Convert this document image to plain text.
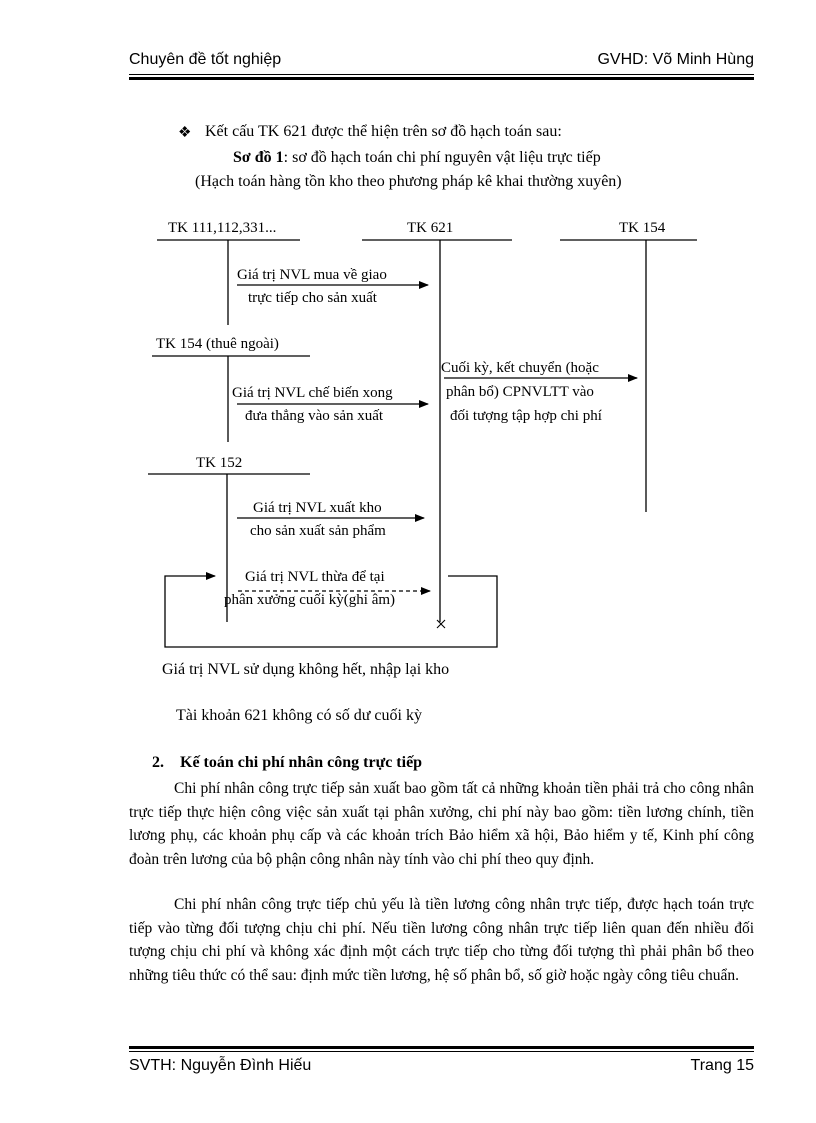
Chuyên đề tốt nghiệp	GVHD: Võ Minh Hùng
❖ Kết cấu TK 621 được thể hiện trên sơ đồ hạch toán sau:
Sơ đồ 1: sơ đồ hạch toán chi phí nguyên vật liệu trực tiếp
(Hạch toán hàng tồn kho theo phương pháp kê khai thường xuyên)
TK 111,112,331...	TK 621	TK 154
TK 154 (thuê ngoài)
TK 152
Giá trị NVL mua về giao
trực tiếp cho sản xuất
Giá trị NVL chế biến xong
đưa thẳng vào sản xuất
Cuối kỳ, kết chuyển (hoặc
phân bổ) CPNVLTT vào
đối tượng tập hợp chi phí
Giá trị NVL xuất kho
cho sản xuất sản phẩm
Giá trị NVL thừa để tại
phân xưởng cuối kỳ(ghi âm)
Giá trị NVL sử dụng không hết, nhập lại kho
Tài khoản 621 không có số dư cuối kỳ
2. Kế toán chi phí nhân công trực tiếp
Chi phí nhân công trực tiếp sản xuất bao gồm tất cả những khoản tiền phải trả cho công nhân trực tiếp thực hiện công việc sản xuất tại phân xưởng, chi phí này bao gồm: tiền lương chính, tiền lương phụ, các khoản phụ cấp và các khoản trích Bảo hiểm xã hội, Bảo hiểm y tế, Kinh phí công đoàn trên lương của bộ phận công nhân này tính vào chi phí theo quy định.
Chi phí nhân công trực tiếp chủ yếu là tiền lương công nhân trực tiếp, được hạch toán trực tiếp vào từng đối tượng chịu chi phí. Nếu tiền lương công nhân trực tiếp liên quan đến nhiều đối tượng chịu chi phí và không xác định một cách trực tiếp cho từng đối tượng thì phải phân bổ theo những tiêu thức có thể sau: định mức tiền lương, hệ số phân bổ, số giờ hoặc ngày công tiêu chuẩn.
SVTH: Nguyễn Đình Hiếu	Trang 15
